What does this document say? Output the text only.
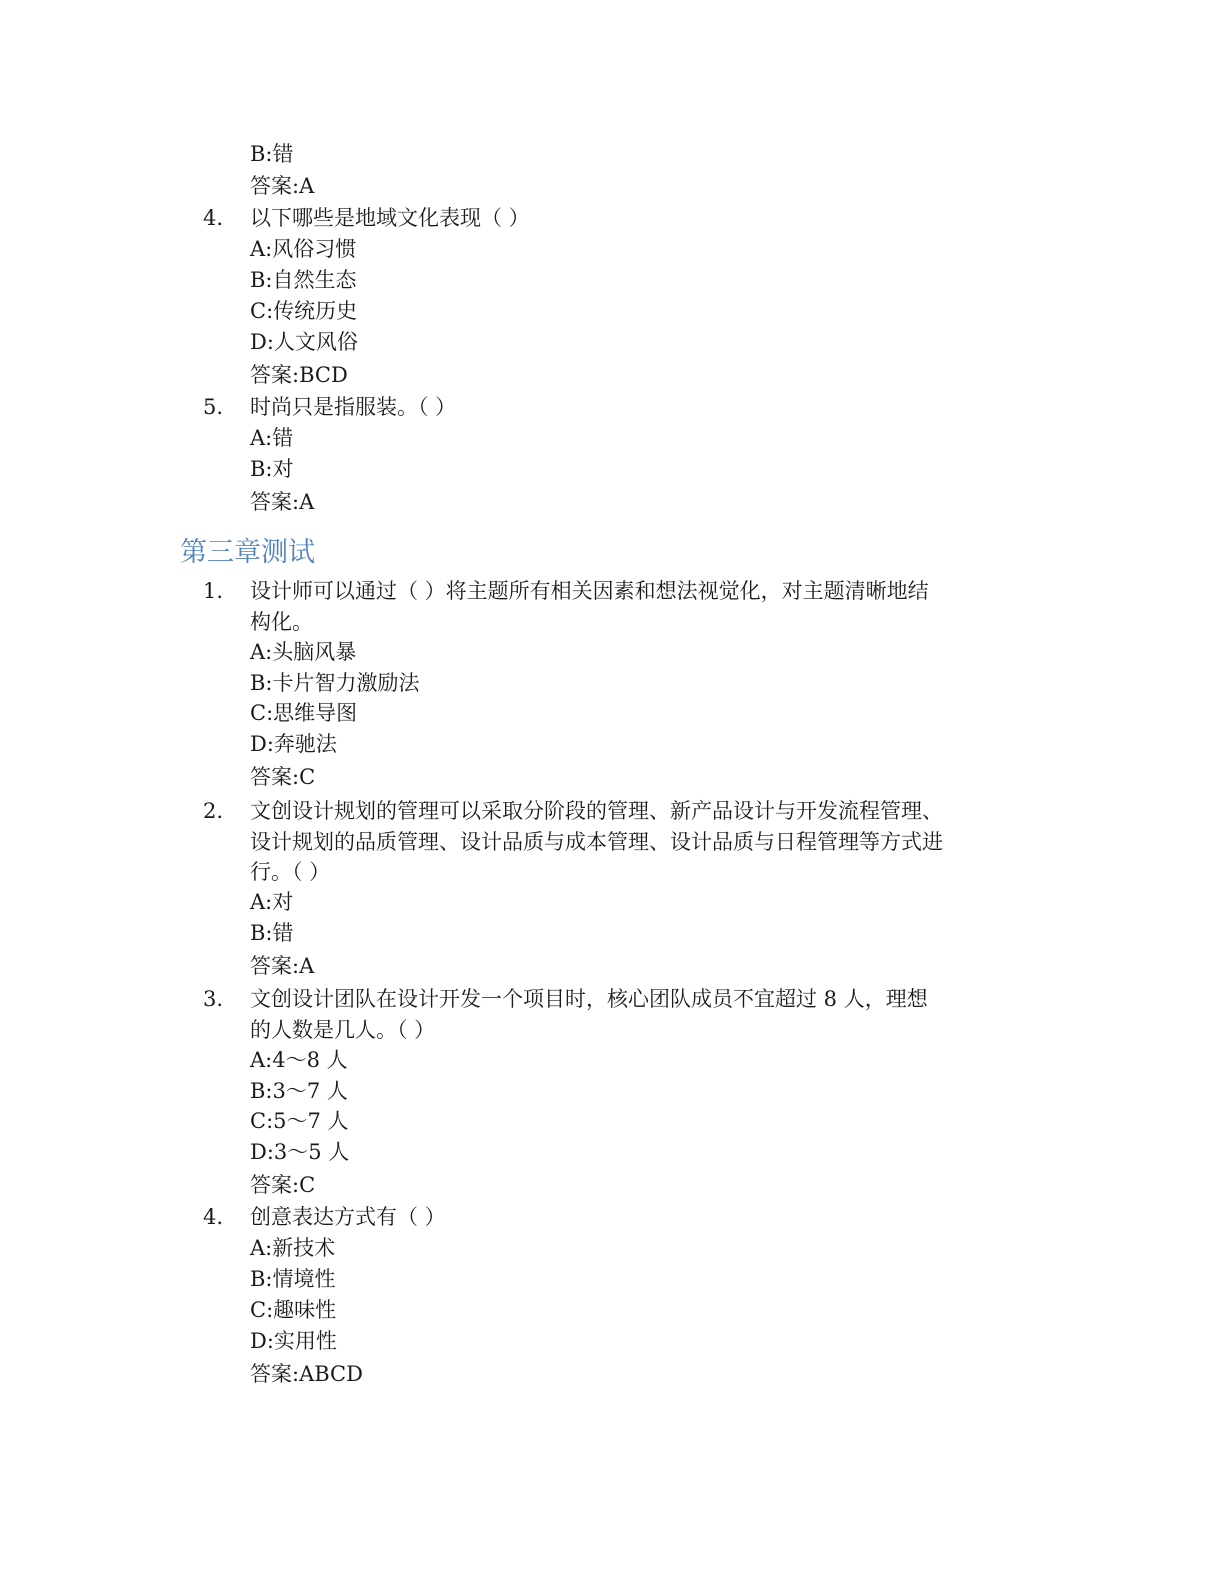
B:错
答案:A
4. 以下哪些是地域文化表现（ ）
A:风俗习惯
B:自然生态
C:传统历史
D:人文风俗
答案:BCD
5. 时尚只是指服装。（ ）
A:错
B:对
答案:A
第三章测试
1. 设计师可以通过（ ）将主题所有相关因素和想法视觉化，对主题清晰地结
构化。
A:头脑风暴
B:卡片智力激励法
C:思维导图
D:奔驰法
答案:C
2. 文创设计规划的管理可以采取分阶段的管理、新产品设计与开发流程管理、
设计规划的品质管理、设计品质与成本管理、设计品质与日程管理等方式进
行。（ ）
A:对
B:错
答案:A
3. 文创设计团队在设计开发一个项目时，核心团队成员不宜超过 8 人，理想
的人数是几人。（ ）
A:4～8 人
B:3～7 人
C:5～7 人
D:3～5 人
答案:C
4. 创意表达方式有（ ）
A:新技术
B:情境性
C:趣味性
D:实用性
答案:ABCD
